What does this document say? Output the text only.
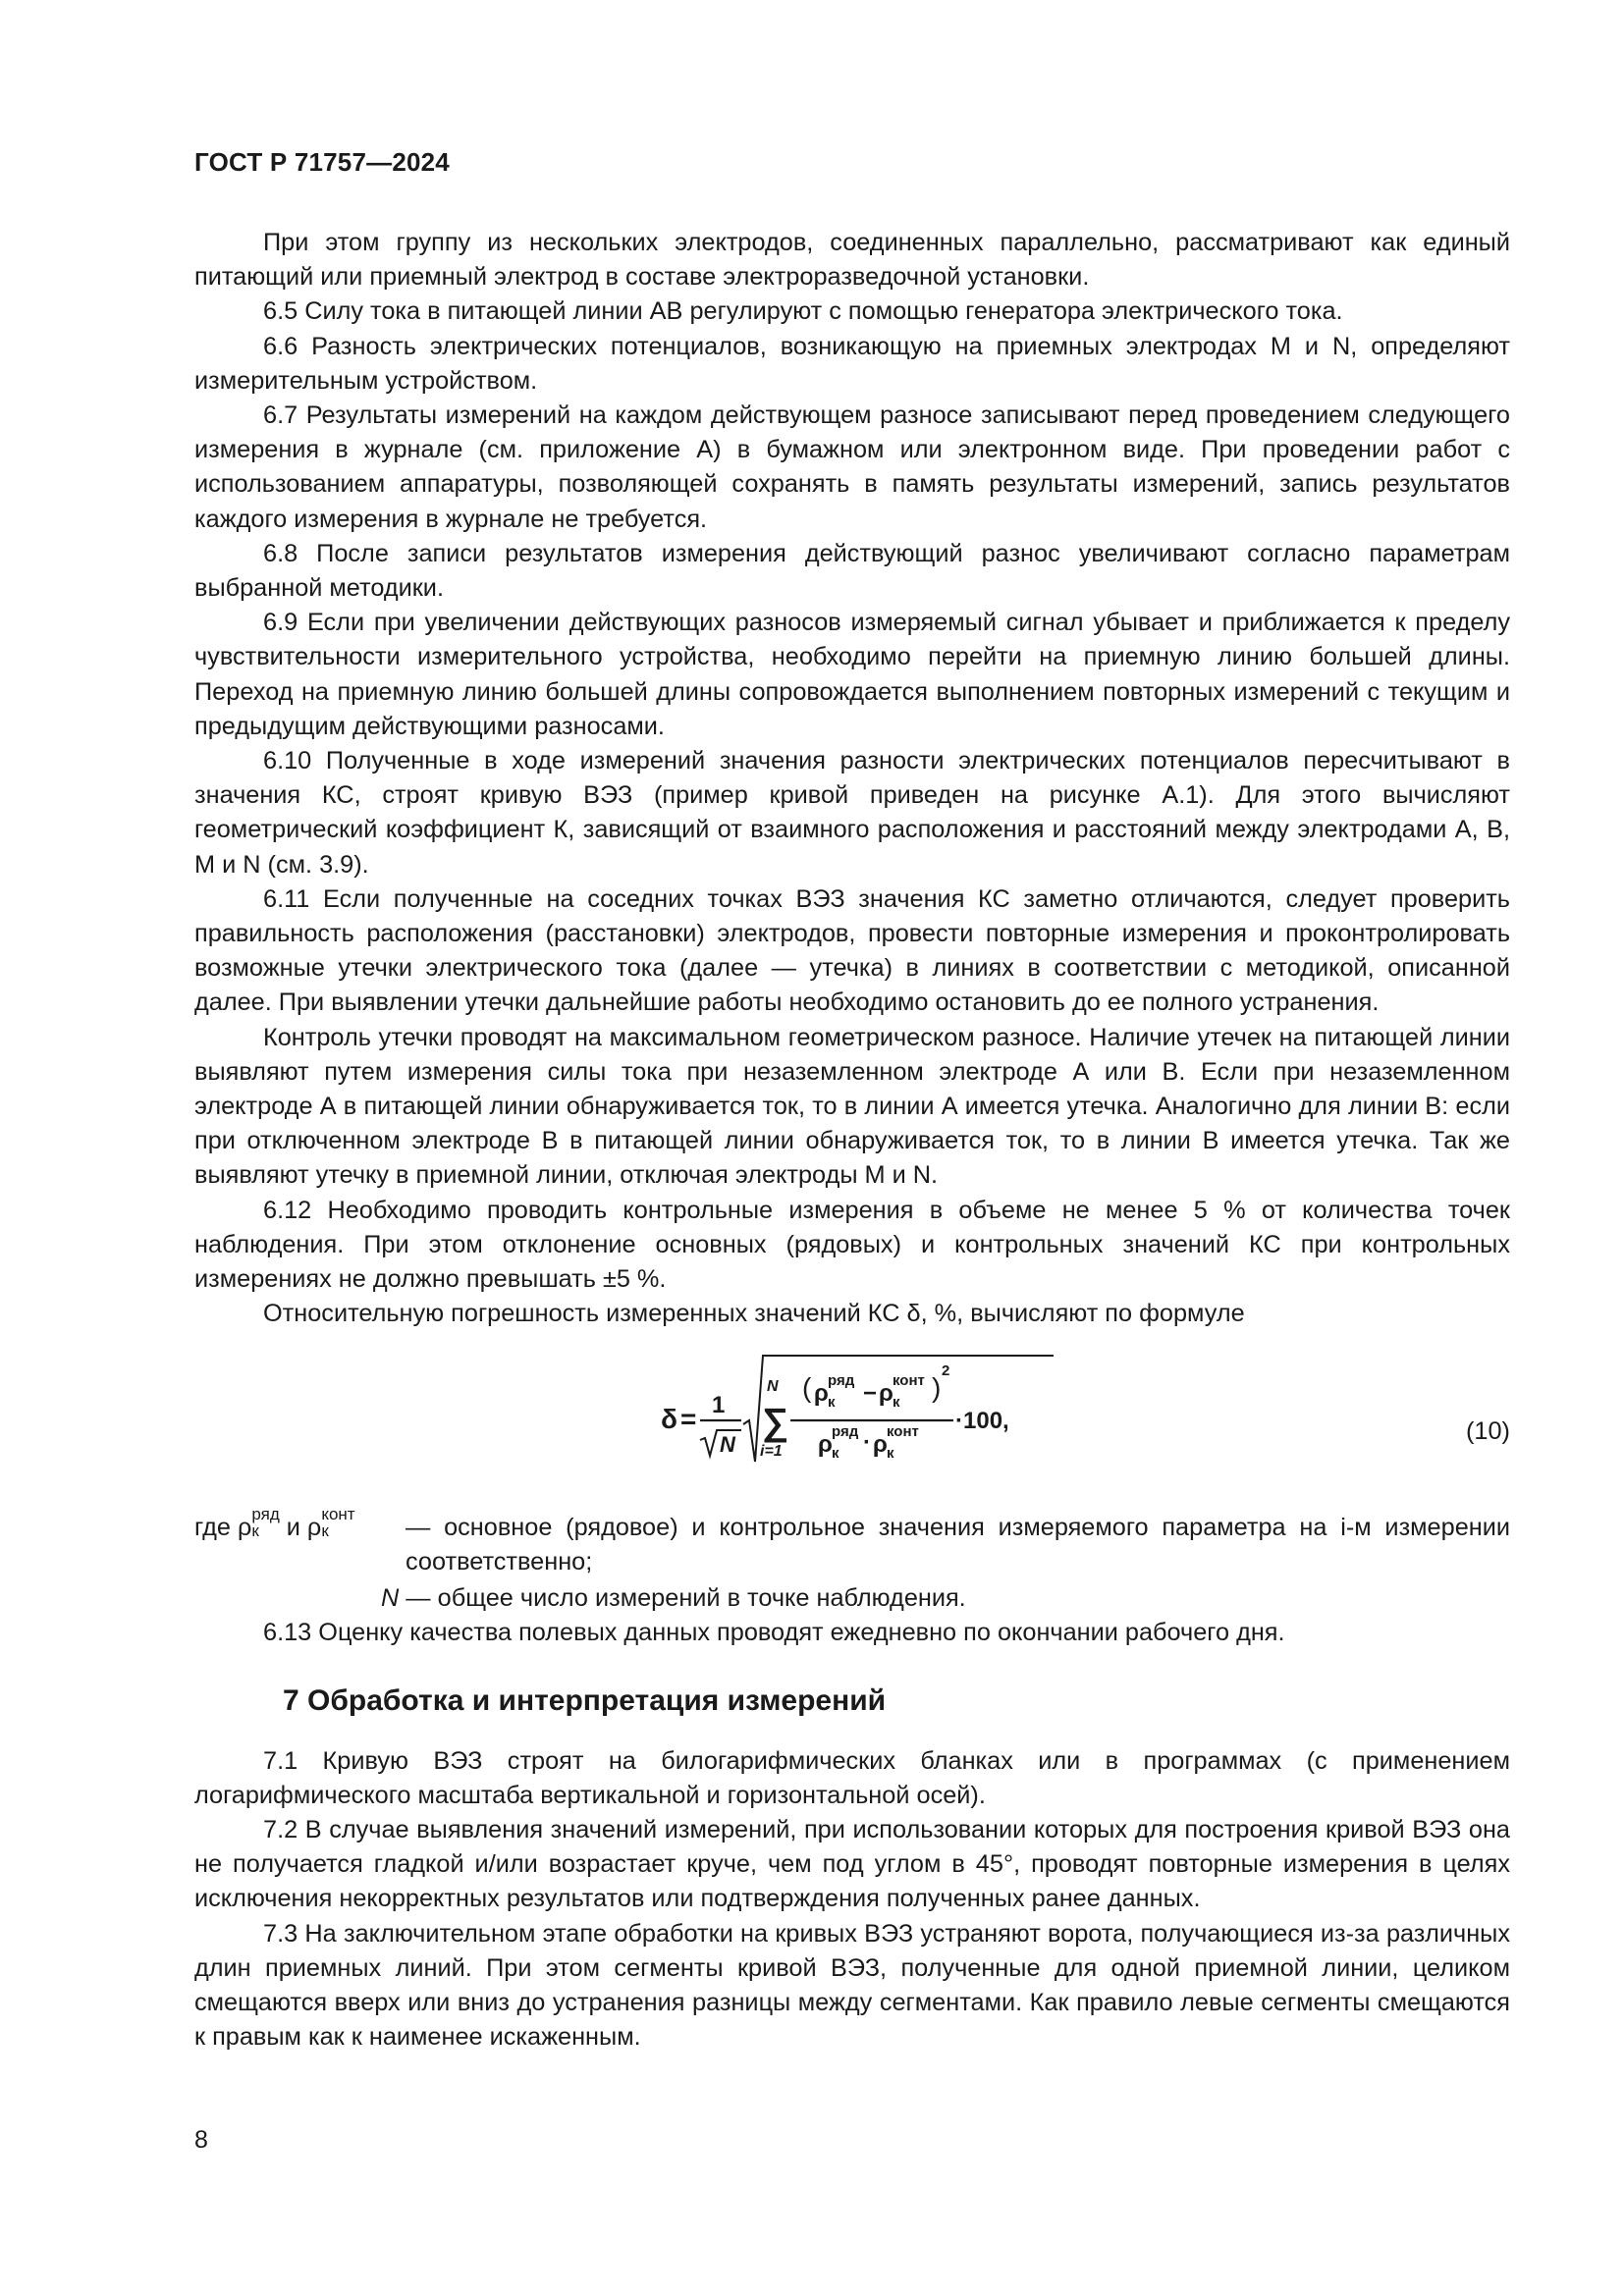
ГОСТ Р 71757—2024

При этом группу из нескольких электродов, соединенных параллельно, рассматривают как единый питающий или приемный электрод в составе электроразведочной установки.

6.5 Силу тока в питающей линии AB регулируют с помощью генератора электрического тока.

6.6 Разность электрических потенциалов, возникающую на приемных электродах M и N, определяют измерительным устройством.

6.7 Результаты измерений на каждом действующем разносе записывают перед проведением следующего измерения в журнале (см. приложение А) в бумажном или электронном виде. При проведении работ с использованием аппаратуры, позволяющей сохранять в память результаты измерений, запись результатов каждого измерения в журнале не требуется.

6.8 После записи результатов измерения действующий разнос увеличивают согласно параметрам выбранной методики.

6.9 Если при увеличении действующих разносов измеряемый сигнал убывает и приближается к пределу чувствительности измерительного устройства, необходимо перейти на приемную линию большей длины. Переход на приемную линию большей длины сопровождается выполнением повторных измерений с текущим и предыдущим действующими разносами.

6.10 Полученные в ходе измерений значения разности электрических потенциалов пересчитывают в значения КС, строят кривую ВЭЗ (пример кривой приведен на рисунке А.1). Для этого вычисляют геометрический коэффициент К, зависящий от взаимного расположения и расстояний между электродами A, B, M и N (см. 3.9).

6.11 Если полученные на соседних точках ВЭЗ значения КС заметно отличаются, следует проверить правильность расположения (расстановки) электродов, провести повторные измерения и проконтролировать возможные утечки электрического тока (далее — утечка) в линиях в соответствии с методикой, описанной далее. При выявлении утечки дальнейшие работы необходимо остановить до ее полного устранения.

Контроль утечки проводят на максимальном геометрическом разносе. Наличие утечек на питающей линии выявляют путем измерения силы тока при незаземленном электроде А или B. Если при незаземленном электроде А в питающей линии обнаруживается ток, то в линии А имеется утечка. Аналогично для линии B: если при отключенном электроде B в питающей линии обнаруживается ток, то в линии B имеется утечка. Так же выявляют утечку в приемной линии, отключая электроды M и N.

6.12 Необходимо проводить контрольные измерения в объеме не менее 5 % от количества точек наблюдения. При этом отклонение основных (рядовых) и контрольных значений КС при контрольных измерениях не должно превышать ±5 %.

Относительную погрешность измеренных значений КС δ, %, вычисляют по формуле

δ = 1
N
N
∑
i=1
( ρ ряд
к − ρ конт
к )
2
ρ ряд
к · ρ конт
к
·100,	(10)
где ρ ряд
к и ρ конт
к	— основное (рядовое) и контрольное значения измеряемого параметра на i-м измерении соответственно;
N — общее число измерений в точке наблюдения.

6.13 Оценку качества полевых данных проводят ежедневно по окончании рабочего дня.

7 Обработка и интерпретация измерений

7.1 Кривую ВЭЗ строят на билогарифмических бланках или в программах (с применением логарифмического масштаба вертикальной и горизонтальной осей).

7.2 В случае выявления значений измерений, при использовании которых для построения кривой ВЭЗ она не получается гладкой и/или возрастает круче, чем под углом в 45°, проводят повторные измерения в целях исключения некорректных результатов или подтверждения полученных ранее данных.

7.3 На заключительном этапе обработки на кривых ВЭЗ устраняют ворота, получающиеся из-за различных длин приемных линий. При этом сегменты кривой ВЭЗ, полученные для одной приемной линии, целиком смещаются вверх или вниз до устранения разницы между сегментами. Как правило левые сегменты смещаются к правым как к наименее искаженным.

8
